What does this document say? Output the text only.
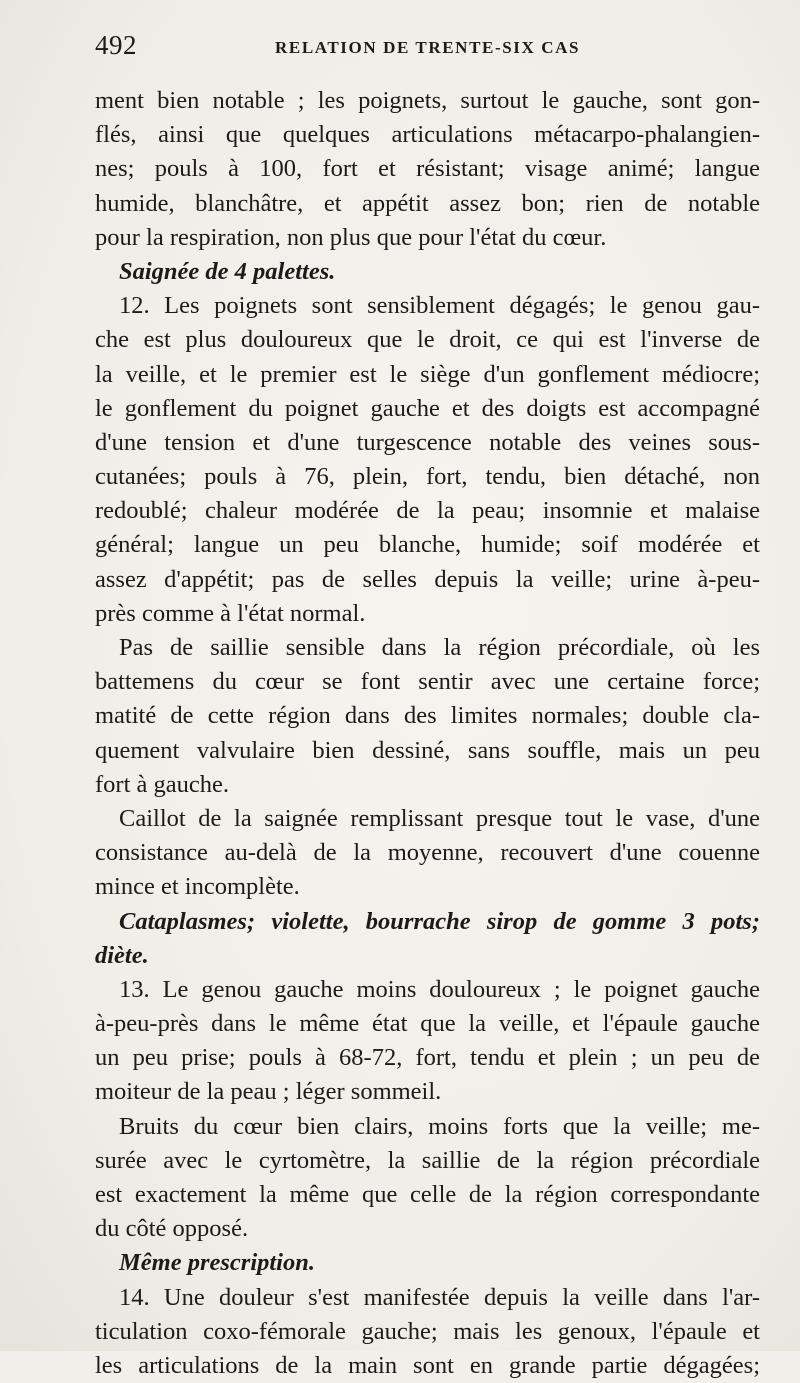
492	RELATION DE TRENTE-SIX CAS
ment bien notable ; les poignets, surtout le gauche, sont gon-
flés, ainsi que quelques articulations métacarpo-phalangien-
nes; pouls à 100, fort et résistant; visage animé; langue
humide, blanchâtre, et appétit assez bon; rien de notable
pour la respiration, non plus que pour l'état du cœur.
Saignée de 4 palettes.
12. Les poignets sont sensiblement dégagés; le genou gau-
che est plus douloureux que le droit, ce qui est l'inverse de
la veille, et le premier est le siège d'un gonflement médiocre;
le gonflement du poignet gauche et des doigts est accompagné
d'une tension et d'une turgescence notable des veines sous-
cutanées; pouls à 76, plein, fort, tendu, bien détaché, non
redoublé; chaleur modérée de la peau; insomnie et malaise
général; langue un peu blanche, humide; soif modérée et
assez d'appétit; pas de selles depuis la veille; urine à-peu-
près comme à l'état normal.
Pas de saillie sensible dans la région précordiale, où les
battemens du cœur se font sentir avec une certaine force;
matité de cette région dans des limites normales; double cla-
quement valvulaire bien dessiné, sans souffle, mais un peu
fort à gauche.
Caillot de la saignée remplissant presque tout le vase, d'une
consistance au-delà de la moyenne, recouvert d'une couenne
mince et incomplète.
Cataplasmes; violette, bourrache sirop de gomme 3 pots;
diète.
13. Le genou gauche moins douloureux ; le poignet gauche
à-peu-près dans le même état que la veille, et l'épaule gauche
un peu prise; pouls à 68-72, fort, tendu et plein ; un peu de
moiteur de la peau ; léger sommeil.
Bruits du cœur bien clairs, moins forts que la veille; me-
surée avec le cyrtomètre, la saillie de la région précordiale
est exactement la même que celle de la région correspondante
du côté opposé.
Même prescription.
14. Une douleur s'est manifestée depuis la veille dans l'ar-
ticulation coxo-fémorale gauche; mais les genoux, l'épaule et
les articulations de la main sont en grande partie dégagées;
